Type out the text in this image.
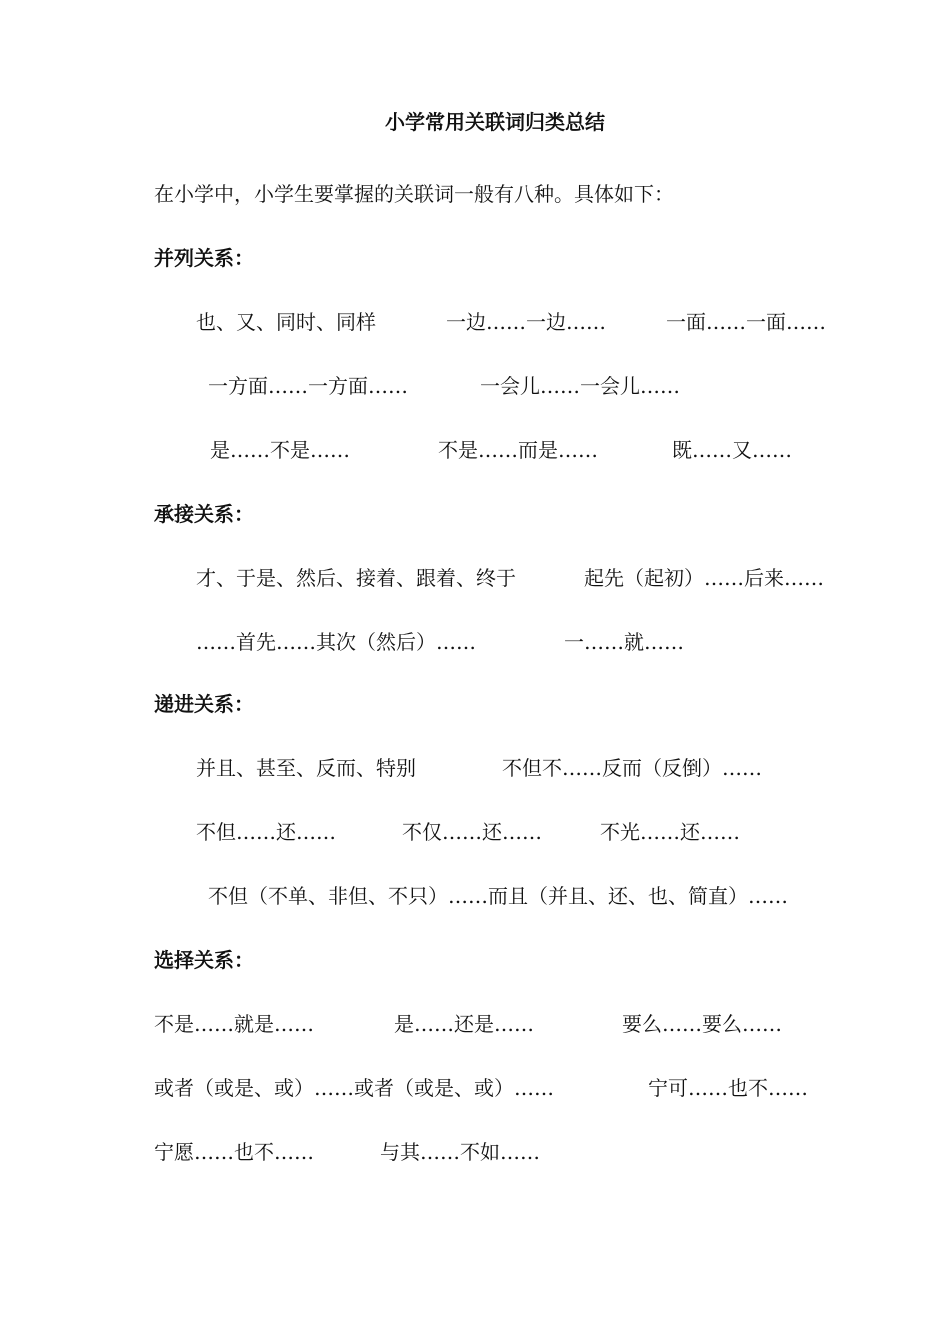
小学常用关联词归类总结
在小学中，小学生要掌握的关联词一般有八种。具体如下：
并列关系：
也、又、同时、同样	一边……一边……	一面……一面……
一方面……一方面……	一会儿……一会儿……
是……不是……	不是……而是……	既……又……
承接关系：
才、于是、然后、接着、跟着、终于	起先（起初）……后来……
……首先……其次（然后）……	一……就……
递进关系：
并且、甚至、反而、特别	不但不……反而（反倒）……
不但……还……	不仅……还……	不光……还……
不但（不单、非但、不只）……而且（并且、还、也、简直）……
选择关系：
不是……就是……	是……还是……	要么……要么……
或者（或是、或）……或者（或是、或）……	宁可……也不……
宁愿……也不……	与其……不如……
